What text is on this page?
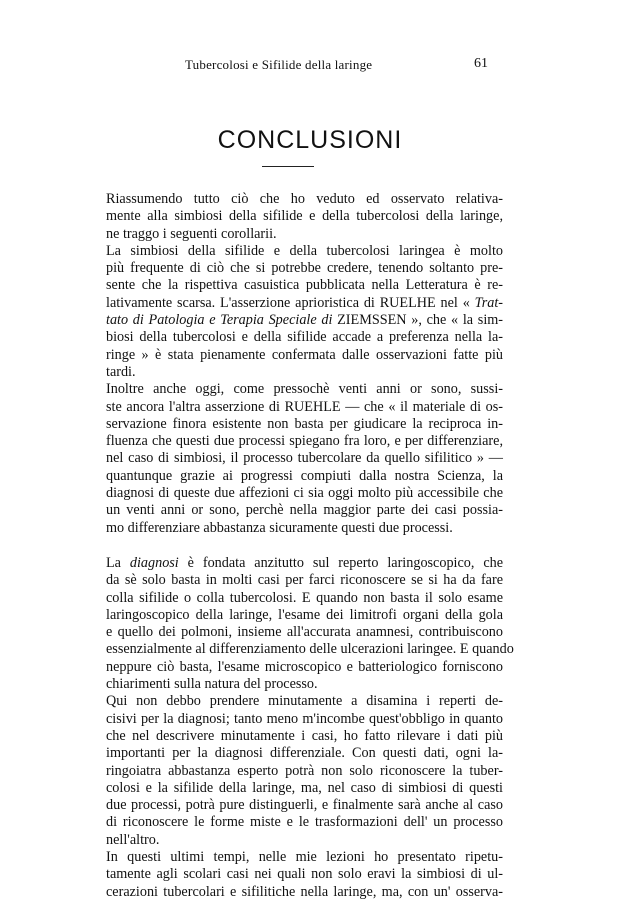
Tubercolosi e Sifilide della laringe	61
CONCLUSIONI

Riassumendo tutto ciò che ho veduto ed osservato relativa-
mente alla simbiosi della sifilide e della tubercolosi della laringe,
ne traggo i seguenti corollarii.

La simbiosi della sifilide e della tubercolosi laringea è molto
più frequente di ciò che si potrebbe credere, tenendo soltanto pre-
sente che la rispettiva casuistica pubblicata nella Letteratura è re-
lativamente scarsa. L'asserzione aprioristica di RUELHE nel « Trat-
tato di Patologia e Terapia Speciale di ZIEMSSEN », che « la sim-
biosi della tubercolosi e della sifilide accade a preferenza nella la-
ringe » è stata pienamente confermata dalle osservazioni fatte più
tardi.

Inoltre anche oggi, come pressochè venti anni or sono, sussi-
ste ancora l'altra asserzione di RUEHLE — che « il materiale di os-
servazione finora esistente non basta per giudicare la reciproca in-
fluenza che questi due processi spiegano fra loro, e per differenziare,
nel caso di simbiosi, il processo tubercolare da quello sifilitico » —
quantunque grazie ai progressi compiuti dalla nostra Scienza, la
diagnosi di queste due affezioni ci sia oggi molto più accessibile che
un venti anni or sono, perchè nella maggior parte dei casi possia-
mo differenziare abbastanza sicuramente questi due processi.

La diagnosi è fondata anzitutto sul reperto laringoscopico, che
da sè solo basta in molti casi per farci riconoscere se si ha da fare
colla sifilide o colla tubercolosi. E quando non basta il solo esame
laringoscopico della laringe, l'esame dei limitrofi organi della gola
e quello dei polmoni, insieme all'accurata anamnesi, contribuiscono
essenzialmente al differenziamento delle ulcerazioni laringee. E quando
neppure ciò basta, l'esame microscopico e batteriologico forniscono
chiarimenti sulla natura del processo.

Qui non debbo prendere minutamente a disamina i reperti de-
cisivi per la diagnosi; tanto meno m'incombe quest'obbligo in quanto
che nel descrivere minutamente i casi, ho fatto rilevare i dati più
importanti per la diagnosi differenziale. Con questi dati, ogni la-
ringoiatra abbastanza esperto potrà non solo riconoscere la tuber-
colosi e la sifilide della laringe, ma, nel caso di simbiosi di questi
due processi, potrà pure distinguerli, e finalmente sarà anche al caso
di riconoscere le forme miste e le trasformazioni dell' un processo
nell'altro.

In questi ultimi tempi, nelle mie lezioni ho presentato ripetu-
tamente agli scolari casi nei quali non solo eravi la simbiosi di ul-
cerazioni tubercolari e sifilitiche nella laringe, ma, con un' osserva-
